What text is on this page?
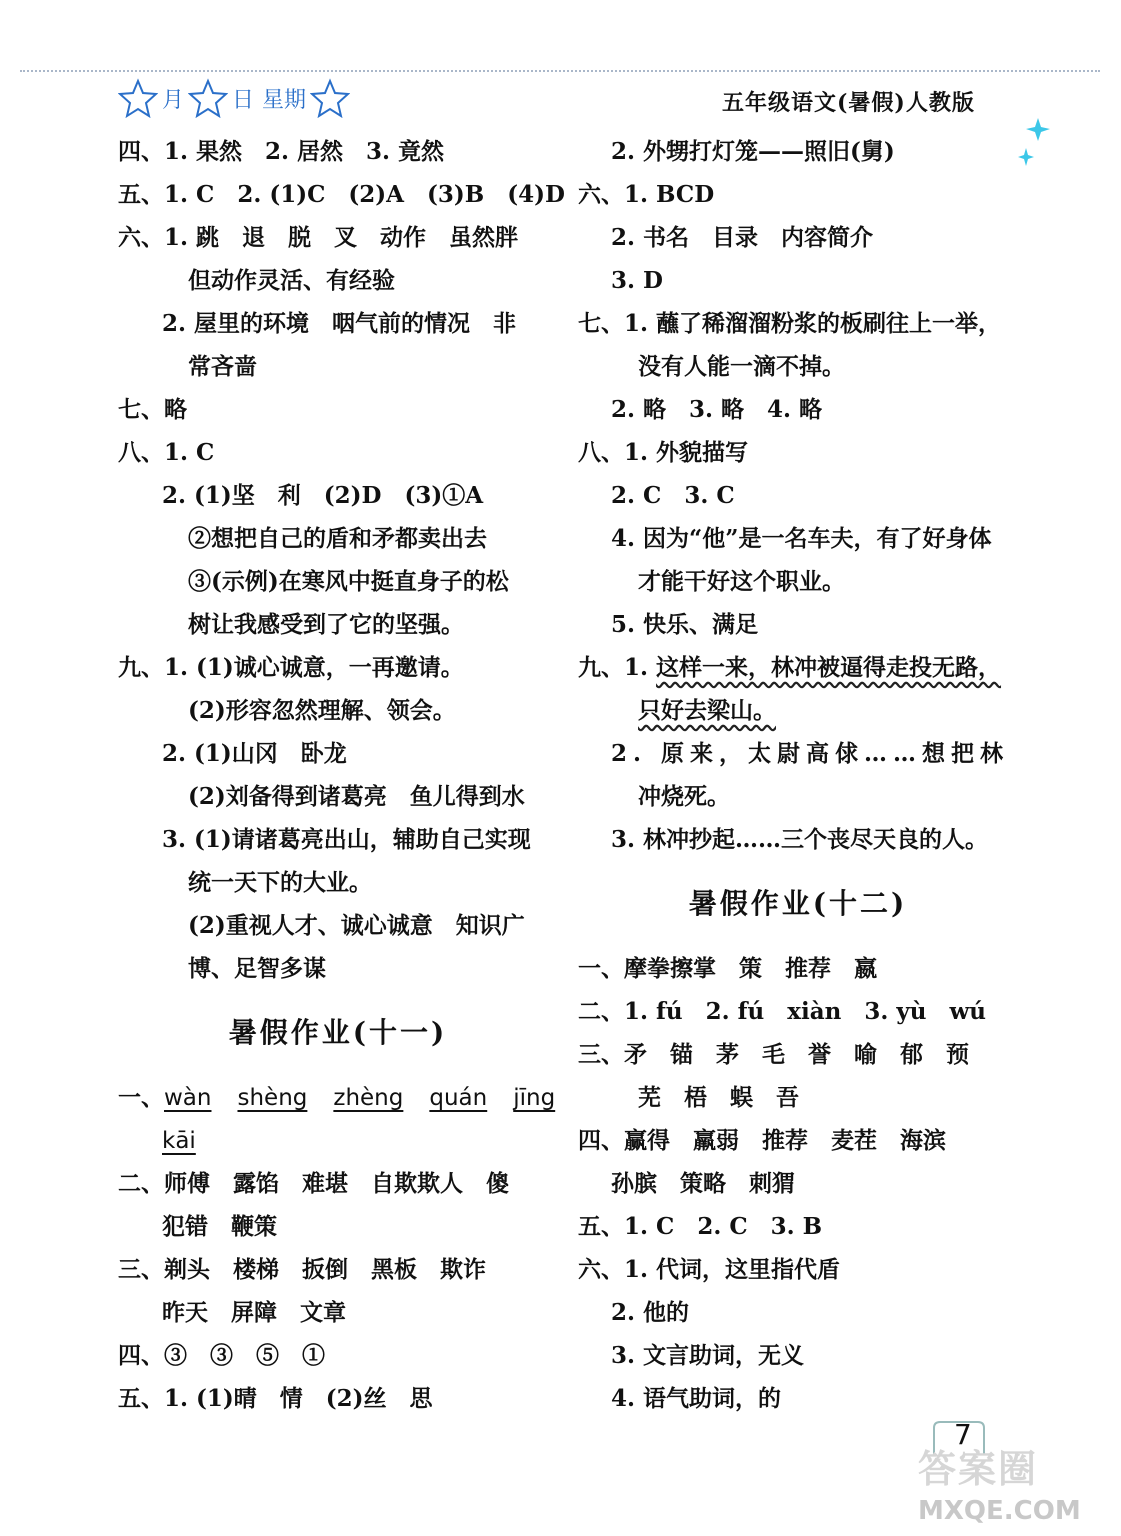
月 日 星期	五年级语文(暑假)人教版
四、1. 果然　2. 居然　3. 竟然
五、1. C　2. (1)C　(2)A　(3)B　(4)D
六、1. 跳　退　脱　叉　动作　虽然胖
但动作灵活、有经验
2. 屋里的环境　咽气前的情况　非
常吝啬
七、略
八、1. C
2. (1)坚　利　(2)D　(3)①A
②想把自己的盾和矛都卖出去
③(示例)在寒风中挺直身子的松
树让我感受到了它的坚强。
九、1. (1)诚心诚意，一再邀请。
(2)形容忽然理解、领会。
2. (1)山冈　卧龙
(2)刘备得到诸葛亮　鱼儿得到水
3. (1)请诸葛亮出山，辅助自己实现
统一天下的大业。
(2)重视人才、诚心诚意　知识广
博、足智多谋
暑假作业(十一)
一、wàn shèng zhèng quán jīng
kāi
二、师傅　露馅　难堪　自欺欺人　傻
犯错　鞭策
三、剃头　楼梯　扳倒　黑板　欺诈
昨天　屏障　文章
四、③　③　⑤　①
五、1. (1)晴　情　(2)丝　思
2. 外甥打灯笼——照旧(舅)
六、1. BCD
2. 书名　目录　内容简介
3. D
七、1. 蘸了稀溜溜粉浆的板刷往上一举，
没有人能一滴不掉。
2. 略　3. 略　4. 略
八、1. 外貌描写
2. C　3. C
4. 因为“他”是一名车夫，有了好身体
才能干好这个职业。
5. 快乐、满足
九、1. 这样一来，林冲被逼得走投无路，
只好去梁山。
2. 原来，太尉高俅……想把林
冲烧死。
3. 林冲抄起……三个丧尽天良的人。
暑假作业(十二)
一、摩拳擦掌　策　推荐　嬴
二、1. fú　2. fú　xiàn　3. yù　wú
三、矛　锚　茅　毛　誉　喻　郁　预
芜　梧　蜈　吾
四、赢得　羸弱　推荐　麦茬　海滨
孙膑　策略　刺猬
五、1. C　2. C　3. B
六、1. 代词，这里指代盾
2. 他的
3. 文言助词，无义
4. 语气助词，的
7
答案圈
MXQE.COM
